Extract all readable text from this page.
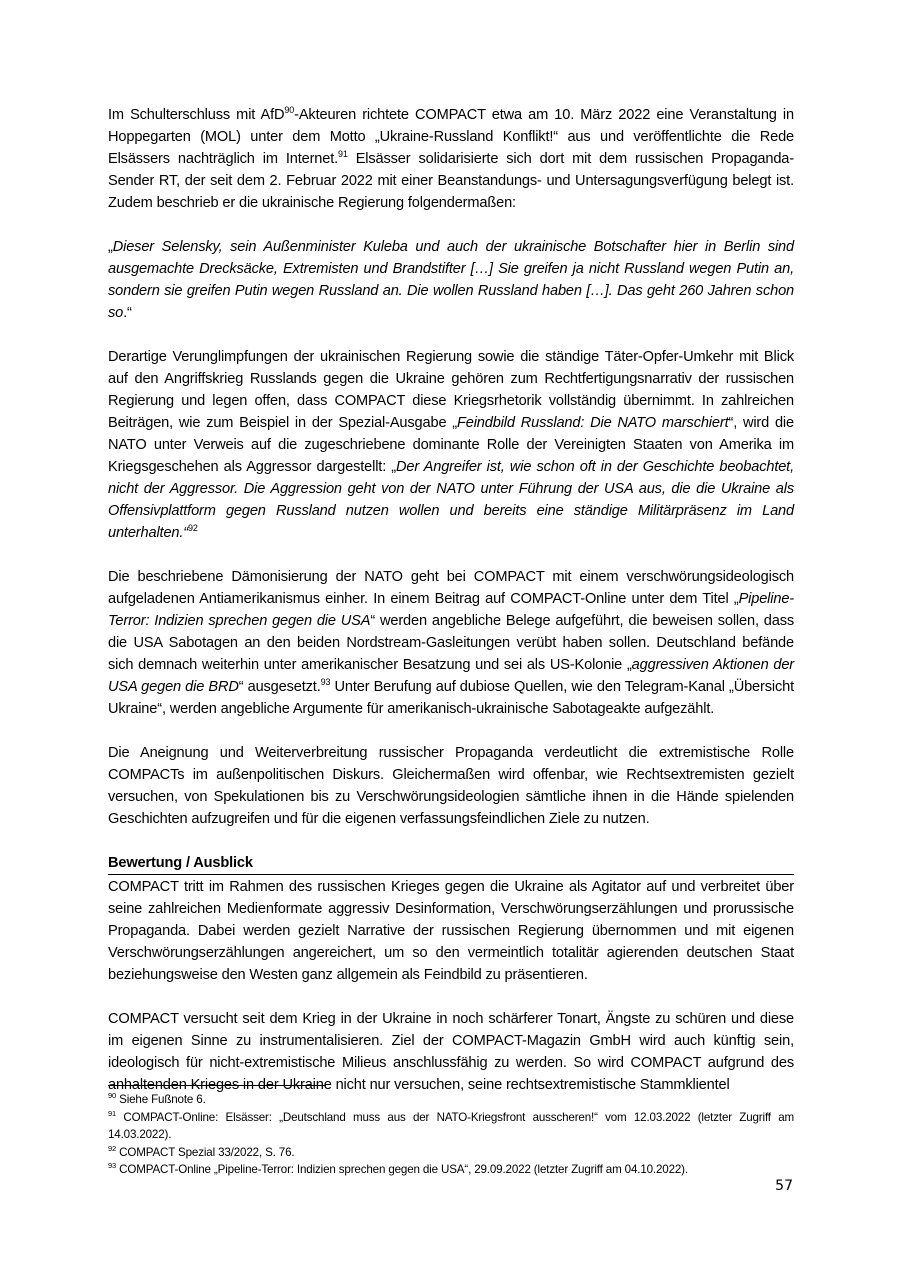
Im Schulterschluss mit AfD$^{90}$-Akteuren richtete COMPACT etwa am 10. März 2022 eine Veranstaltung in Hoppegarten (MOL) unter dem Motto „Ukraine-Russland Konflikt!“ aus und veröffentlichte die Rede Elsässers nachträglich im Internet.$^{91}$ Elsässer solidarisierte sich dort mit dem russischen Propaganda-Sender RT, der seit dem 2. Februar 2022 mit einer Beanstandungs- und Untersagungsverfügung belegt ist. Zudem beschrieb er die ukrainische Regierung folgendermaßen:

„Dieser Selensky, sein Außenminister Kuleba und auch der ukrainische Botschafter hier in Berlin sind ausgemachte Drecksäcke, Extremisten und Brandstifter […] Sie greifen ja nicht Russland wegen Putin an, sondern sie greifen Putin wegen Russland an. Die wollen Russland haben […]. Das geht 260 Jahren schon so.“

Derartige Verunglimpfungen der ukrainischen Regierung sowie die ständige Täter-Opfer-Umkehr mit Blick auf den Angriffskrieg Russlands gegen die Ukraine gehören zum Rechtfertigungsnarrativ der russischen Regierung und legen offen, dass COMPACT diese Kriegsrhetorik vollständig übernimmt. In zahlreichen Beiträgen, wie zum Beispiel in der Spezial-Ausgabe „Feindbild Russland: Die NATO marschiert“, wird die NATO unter Verweis auf die zugeschriebene dominante Rolle der Vereinigten Staaten von Amerika im Kriegsgeschehen als Aggressor dargestellt: „Der Angreifer ist, wie schon oft in der Geschichte beobachtet, nicht der Aggressor. Die Aggression geht von der NATO unter Führung der USA aus, die die Ukraine als Offensivplattform gegen Russland nutzen wollen und bereits eine ständige Militärpräsenz im Land unterhalten.“$^{92}$

Die beschriebene Dämonisierung der NATO geht bei COMPACT mit einem verschwörungsideologisch aufgeladenen Antiamerikanismus einher. In einem Beitrag auf COMPACT-Online unter dem Titel „Pipeline-Terror: Indizien sprechen gegen die USA“ werden angebliche Belege aufgeführt, die beweisen sollen, dass die USA Sabotagen an den beiden Nordstream-Gasleitungen verübt haben sollen. Deutschland befände sich demnach weiterhin unter amerikanischer Besatzung und sei als US-Kolonie „aggressiven Aktionen der USA gegen die BRD“ ausgesetzt.$^{93}$ Unter Berufung auf dubiose Quellen, wie den Telegram-Kanal „Übersicht Ukraine“, werden angebliche Argumente für amerikanisch-ukrainische Sabotageakte aufgezählt.

Die Aneignung und Weiterverbreitung russischer Propaganda verdeutlicht die extremistische Rolle COMPACTs im außenpolitischen Diskurs. Gleichermaßen wird offenbar, wie Rechtsextremisten gezielt versuchen, von Spekulationen bis zu Verschwörungsideologien sämtliche ihnen in die Hände spielenden Geschichten aufzugreifen und für die eigenen verfassungsfeindlichen Ziele zu nutzen.

Bewertung / Ausblick

COMPACT tritt im Rahmen des russischen Krieges gegen die Ukraine als Agitator auf und verbreitet über seine zahlreichen Medienformate aggressiv Desinformation, Verschwörungserzählungen und prorussische Propaganda. Dabei werden gezielt Narrative der russischen Regierung übernommen und mit eigenen Verschwörungserzählungen angereichert, um so den vermeintlich totalitär agierenden deutschen Staat beziehungsweise den Westen ganz allgemein als Feindbild zu präsentieren.

COMPACT versucht seit dem Krieg in der Ukraine in noch schärferer Tonart, Ängste zu schüren und diese im eigenen Sinne zu instrumentalisieren. Ziel der COMPACT-Magazin GmbH wird auch künftig sein, ideologisch für nicht-extremistische Milieus anschlussfähig zu werden. So wird COMPACT aufgrund des anhaltenden Krieges in der Ukraine nicht nur versuchen, seine rechtsextremistische Stammklientel

$^{90}$ Siehe Fußnote 6.

$^{91}$ COMPACT-Online: Elsässer: „Deutschland muss aus der NATO-Kriegsfront ausscheren!“ vom 12.03.2022 (letzter Zugriff am 14.03.2022).

$^{92}$ COMPACT Spezial 33/2022, S. 76.

$^{93}$ COMPACT-Online „Pipeline-Terror: Indizien sprechen gegen die USA“, 29.09.2022 (letzter Zugriff am 04.10.2022).

57
